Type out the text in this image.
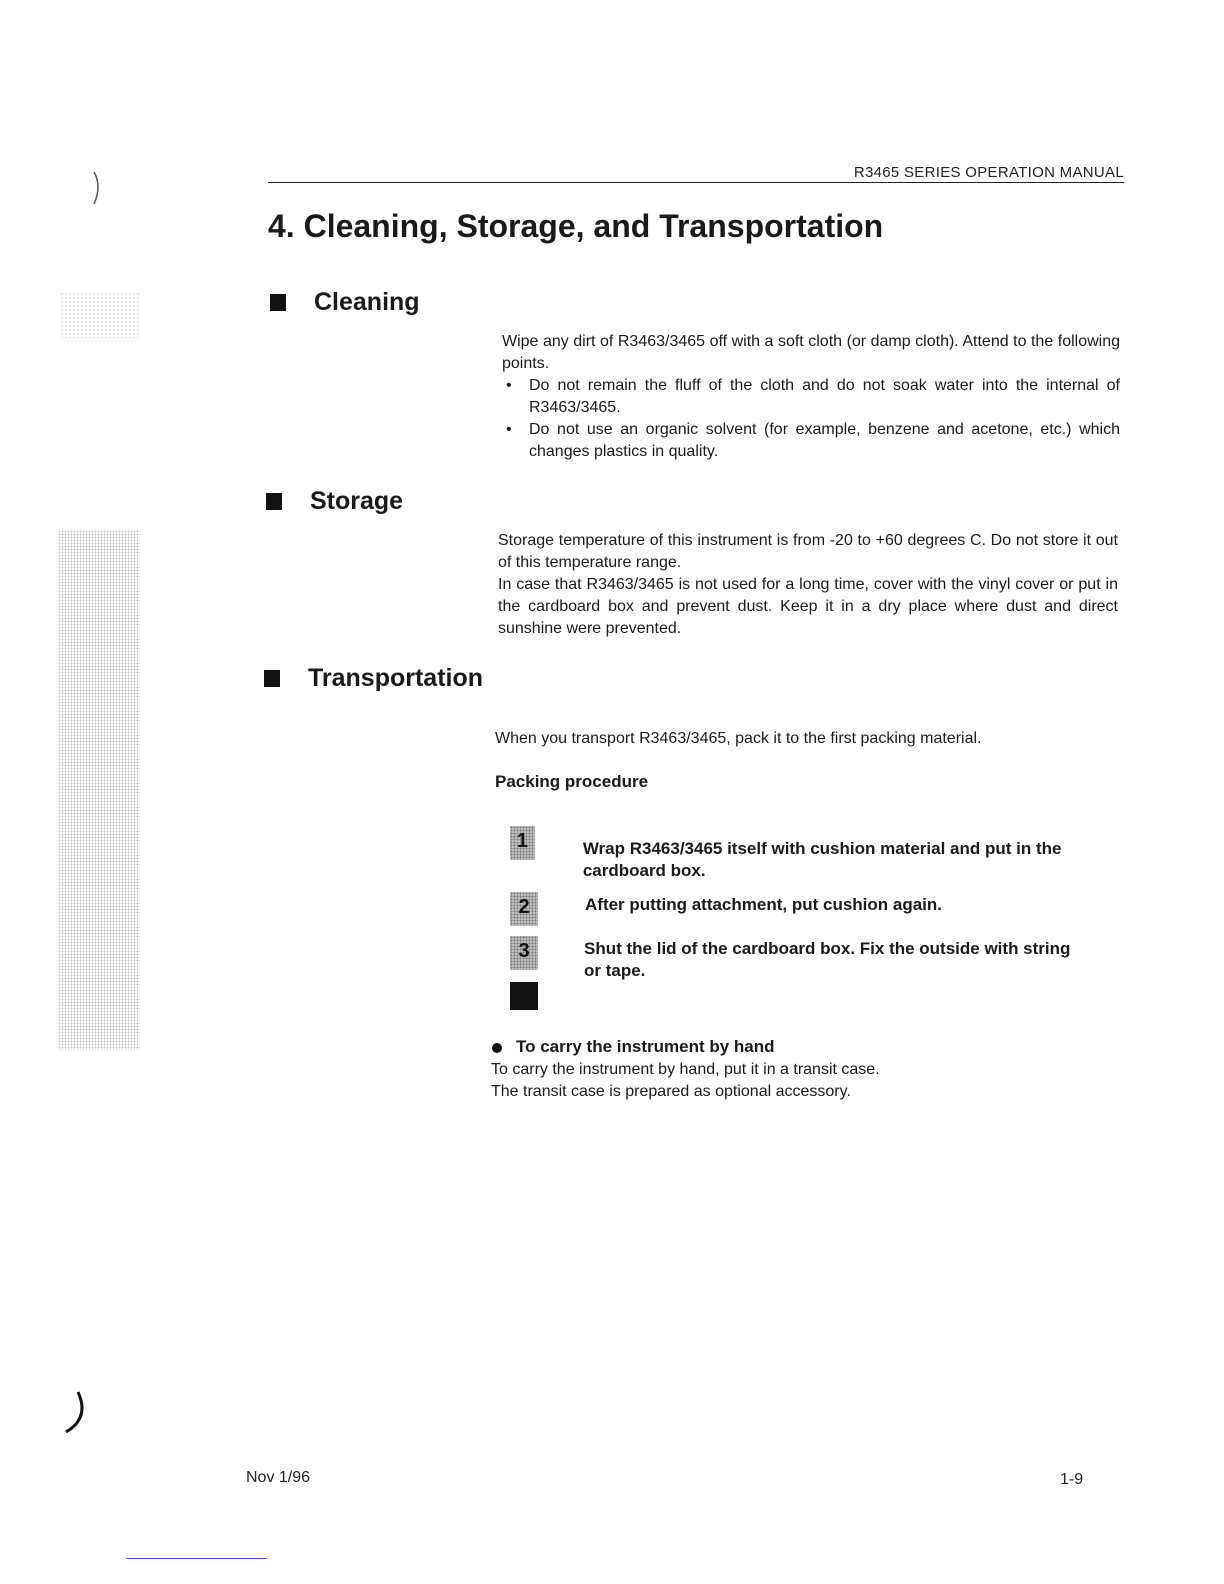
R3465 SERIES OPERATION MANUAL
4. Cleaning, Storage, and Transportation
Cleaning
Wipe any dirt of R3463/3465 off with a soft cloth (or damp cloth). Attend to the following points.
• Do not remain the fluff of the cloth and do not soak water into the internal of R3463/3465.
• Do not use an organic solvent (for example, benzene and acetone, etc.) which changes plastics in quality.
Storage
Storage temperature of this instrument is from -20 to +60 degrees C. Do not store it out of this temperature range.
In case that R3463/3465 is not used for a long time, cover with the vinyl cover or put in the cardboard box and prevent dust. Keep it in a dry place where dust and direct sunshine were prevented.
Transportation
When you transport R3463/3465, pack it to the first packing material.
Packing procedure
1	Wrap R3463/3465 itself with cushion material and put in the cardboard box.
2	After putting attachment, put cushion again.
3	Shut the lid of the cardboard box. Fix the outside with string or tape.
To carry the instrument by hand
To carry the instrument by hand, put it in a transit case.
The transit case is prepared as optional accessory.
Nov 1/96	1-9
